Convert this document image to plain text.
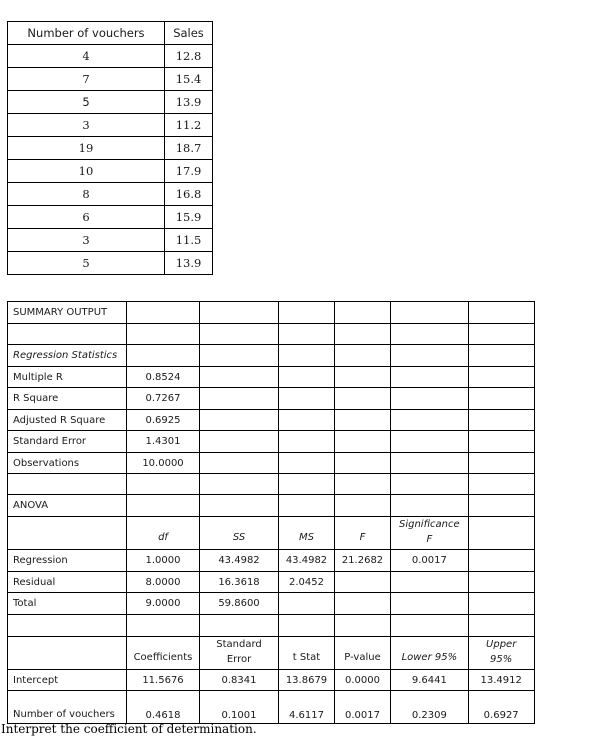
Number of vouchers	Sales
4	12.8
7	15.4
5	13.9
3	11.2
19	18.7
10	17.9
8	16.8
6	15.9
3	11.5
5	13.9
SUMMARY OUTPUT						

Regression Statistics						
Multiple R	0.8524					
R Square	0.7267					
Adjusted R Square	0.6925					
Standard Error	1.4301					
Observations	10.0000					

ANOVA						
	df	SS	MS	F	Significance F	
Regression	1.0000	43.4982	43.4982	21.2682	0.0017	
Residual	8.0000	16.3618	2.0452			
Total	9.0000	59.8600				

	Coefficients	Standard Error	t Stat	P-value	Lower 95%	Upper 95%
Intercept	11.5676	0.8341	13.8679	0.0000	9.6441	13.4912
Number of vouchers	0.4618	0.1001	4.6117	0.0017	0.2309	0.6927
Interpret the coefficient of determination.
